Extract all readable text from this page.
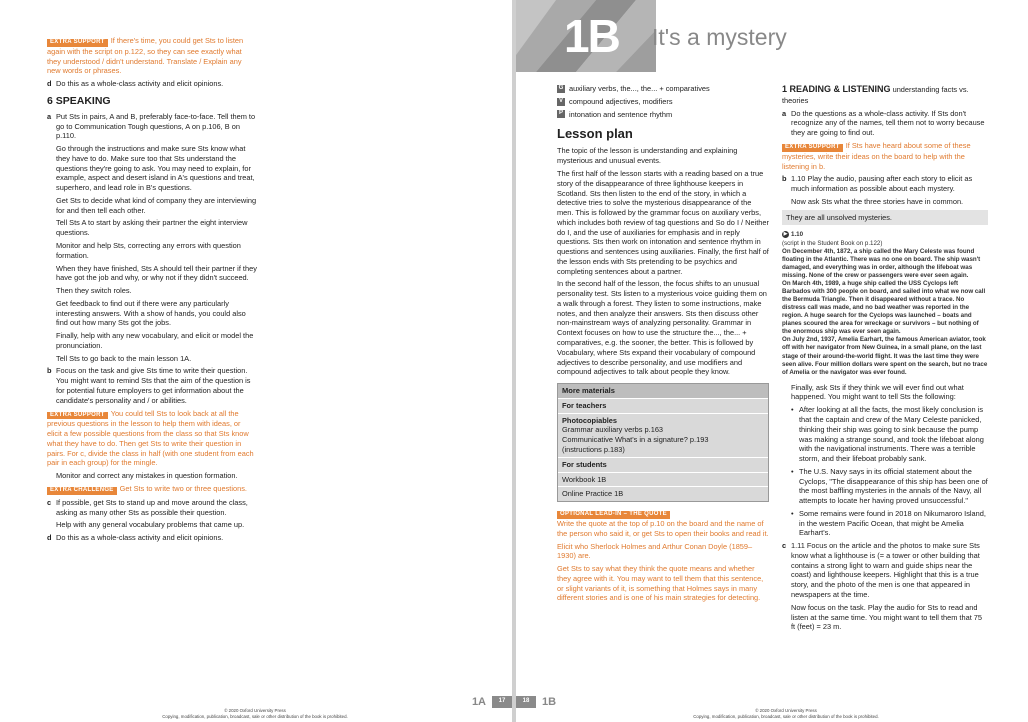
EXTRA SUPPORT If there's time, you could get Sts to listen again with the script on p.122, so they can see exactly what they understood / didn't understand. Translate / Explain any new words or phrases.

d Do this as a whole-class activity and elicit opinions.
6 SPEAKING
a Put Sts in pairs, A and B, preferably face-to-face. Tell them to go to Communication Tough questions, A on p.106, B on p.110.

Go through the instructions and make sure Sts know what they have to do. Make sure too that Sts understand the questions they're going to ask. You may need to explain, for example, aspect and desert island in A's questions and treat, superhero, and lead role in B's questions.

Get Sts to decide what kind of company they are interviewing for and then tell each other.

Tell Sts A to start by asking their partner the eight interview questions.

Monitor and help Sts, correcting any errors with question formation.

When they have finished, Sts A should tell their partner if they have got the job and why, or why not if they didn't succeed.

Then they switch roles.

Get feedback to find out if there were any particularly interesting answers. With a show of hands, you could also find out how many Sts got the jobs.

Finally, help with any new vocabulary, and elicit or model the pronunciation.

Tell Sts to go back to the main lesson 1A.

b Focus on the task and give Sts time to write their question. You might want to remind Sts that the aim of the question is for potential future employers to get information about the candidate's personality and / or abilities.

EXTRA SUPPORT You could tell Sts to look back at all the previous questions in the lesson to help them with ideas, or elicit a few possible questions from the class so that Sts know what they have to do. Then get Sts to write their question in pairs. For c, divide the class in half (with one student from each pair in each group) for the mingle.

Monitor and correct any mistakes in question formation.

EXTRA CHALLENGE Get Sts to write two or three questions.

c If possible, get Sts to stand up and move around the class, asking as many other Sts as possible their question.

Help with any general vocabulary problems that came up.

d Do this as a whole-class activity and elicit opinions.
© 2020 Oxford University Press
Copying, modification, publication, broadcast, sale or other distribution of the book is prohibited.
1A	17
1B It's a mystery
G auxiliary verbs, the..., the... + comparatives
V compound adjectives, modifiers
P intonation and sentence rhythm
Lesson plan

The topic of the lesson is understanding and explaining mysterious and unusual events.

The first half of the lesson starts with a reading based on a true story of the disappearance of three lighthouse keepers in Scotland. Sts then listen to the end of the story, in which a detective tries to solve the mysterious disappearance of the men. This is followed by the grammar focus on auxiliary verbs, which includes both review of tag questions and So do I / Neither do I, and the use of auxiliaries for emphasis and in reply questions. Sts then work on intonation and sentence rhythm in questions and sentences using auxiliaries. Finally, the first half of the lesson ends with Sts pretending to be psychics and completing sentences about a partner.

In the second half of the lesson, the focus shifts to an unusual personality test. Sts listen to a mysterious voice guiding them on a walk through a forest. They listen to some instructions, make notes, and then analyze their answers. Sts then discuss other non-mainstream ways of analyzing personality. Grammar in Context focuses on how to use the structure the..., the... + comparatives, e.g. the sooner, the better. This is followed by Vocabulary, where Sts expand their vocabulary of compound adjectives to describe personality, and use modifiers and compound adjectives to talk about people they know.

More materials
For teachers
Photocopiables
Grammar auxiliary verbs p.163
Communicative What's in a signature? p.193
(instructions p.183)
For students
Workbook 1B
Online Practice 1B
OPTIONAL LEAD-IN – THE QUOTE

Write the quote at the top of p.10 on the board and the name of the person who said it, or get Sts to open their books and read it.

Elicit who Sherlock Holmes and Arthur Conan Doyle (1859–1930) are.

Get Sts to say what they think the quote means and whether they agree with it. You may want to tell them that this sentence, or slight variants of it, is something that Holmes says in many different stories and is one of his main strategies for detecting.

1 READING & LISTENING understanding facts vs. theories

a Do the questions as a whole-class activity. If Sts don't recognize any of the names, tell them not to worry because they are going to find out.

EXTRA SUPPORT If Sts have heard about some of these mysteries, write their ideas on the board to help with the listening in b.

b 1.10 Play the audio, pausing after each story to elicit as much information as possible about each mystery.

Now ask Sts what the three stories have in common.

They are all unsolved mysteries.
▶ 1.10
(script in the Student Book on p.122)
On December 4th, 1872, a ship called the Mary Celeste was found floating in the Atlantic. There was no one on board. The ship wasn't damaged, and everything was in order, although the lifeboat was missing. None of the crew or passengers were ever seen again.
On March 4th, 1989, a huge ship called the USS Cyclops left Barbados with 300 people on board, and sailed into what we now call the Bermuda Triangle. Then it disappeared without a trace. No distress call was made, and no bad weather was reported in the region. A huge search for the Cyclops was launched – boats and planes scoured the area for wreckage or survivors – but nothing of the enormous ship was ever seen again.
On July 2nd, 1937, Amelia Earhart, the famous American aviator, took off with her navigator from New Guinea, in a small plane, on the last stage of their around-the-world flight. It was the last time they were seen alive. Four million dollars were spent on the search, but no trace of Amelia or the navigator was ever found.

Finally, ask Sts if they think we will ever find out what happened. You might want to tell Sts the following:

• After looking at all the facts, the most likely conclusion is that the captain and crew of the Mary Celeste panicked, thinking their ship was going to sink because the pump was making a strange sound, and took the lifeboat along with the navigational instruments. There was a terrible storm, and their lifeboat probably sank.
• The U.S. Navy says in its official statement about the Cyclops, "The disappearance of this ship has been one of the most baffling mysteries in the annals of the Navy, all attempts to locate her having proved unsuccessful."
• Some remains were found in 2018 on Nikumaroro Island, in the western Pacific Ocean, that might be Amelia Earhart's.
c 1.11 Focus on the article and the photos to make sure Sts know what a lighthouse is (= a tower or other building that contains a strong light to warn and guide ships near the coast) and lighthouse keepers. Highlight that this is a true story, and the photo of the men is one that appeared in newspapers at the time.

Now focus on the task. Play the audio for Sts to read and listen at the same time. You might want to tell them that 75 ft (feet) = 23 m.

© 2020 Oxford University Press
Copying, modification, publication, broadcast, sale or other distribution of the book is prohibited.
18	1B
